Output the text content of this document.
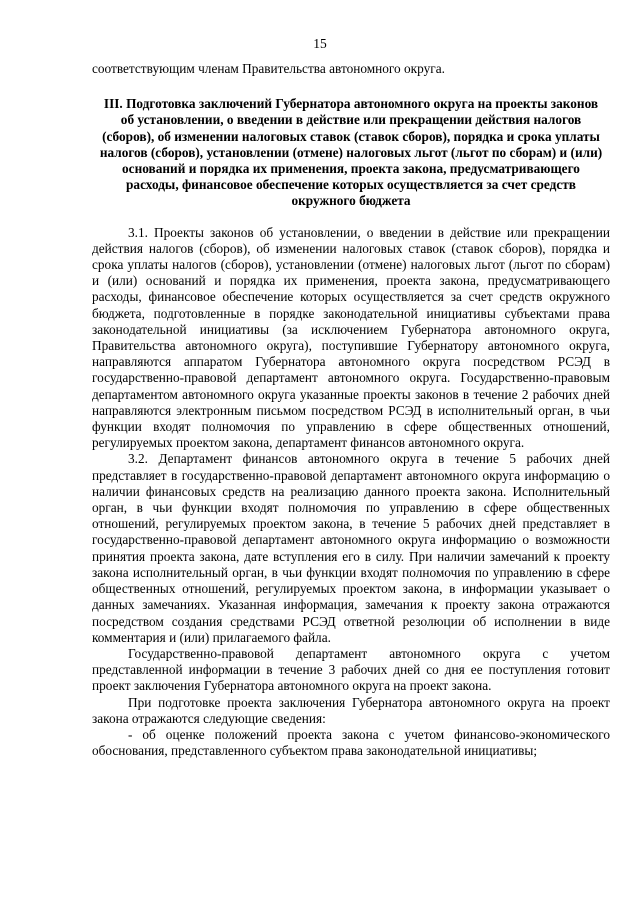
15

соответствующим членам Правительства автономного округа.

III. Подготовка заключений Губернатора автономного округа на проекты законов об установлении, о введении в действие или прекращении действия налогов (сборов), об изменении налоговых ставок (ставок сборов), порядка и срока уплаты налогов (сборов), установлении (отмене) налоговых льгот (льгот по сборам) и (или) оснований и порядка их применения, проекта закона, предусматривающего расходы, финансовое обеспечение которых осуществляется за счет средств окружного бюджета

3.1. Проекты законов об установлении, о введении в действие или прекращении действия налогов (сборов), об изменении налоговых ставок (ставок сборов), порядка и срока уплаты налогов (сборов), установлении (отмене) налоговых льгот (льгот по сборам) и (или) оснований и порядка их применения, проекта закона, предусматривающего расходы, финансовое обеспечение которых осуществляется за счет средств окружного бюджета, подготовленные в порядке законодательной инициативы субъектами права законодательной инициативы (за исключением Губернатора автономного округа, Правительства автономного округа), поступившие Губернатору автономного округа, направляются аппаратом Губернатора автономного округа посредством РСЭД в государственно-правовой департамент автономного округа. Государственно-правовым департаментом автономного округа указанные проекты законов в течение 2 рабочих дней направляются электронным письмом посредством РСЭД в исполнительный орган, в чьи функции входят полномочия по управлению в сфере общественных отношений, регулируемых проектом закона, департамент финансов автономного округа.

3.2. Департамент финансов автономного округа в течение 5 рабочих дней представляет в государственно-правовой департамент автономного округа информацию о наличии финансовых средств на реализацию данного проекта закона. Исполнительный орган, в чьи функции входят полномочия по управлению в сфере общественных отношений, регулируемых проектом закона, в течение 5 рабочих дней представляет в государственно-правовой департамент автономного округа информацию о возможности принятия проекта закона, дате вступления его в силу. При наличии замечаний к проекту закона исполнительный орган, в чьи функции входят полномочия по управлению в сфере общественных отношений, регулируемых проектом закона, в информации указывает о данных замечаниях. Указанная информация, замечания к проекту закона отражаются посредством создания средствами РСЭД ответной резолюции об исполнении в виде комментария и (или) прилагаемого файла.

Государственно-правовой департамент автономного округа с учетом представленной информации в течение 3 рабочих дней со дня ее поступления готовит проект заключения Губернатора автономного округа на проект закона.

При подготовке проекта заключения Губернатора автономного округа на проект закона отражаются следующие сведения:

- об оценке положений проекта закона с учетом финансово-экономического обоснования, представленного субъектом права законодательной инициативы;
